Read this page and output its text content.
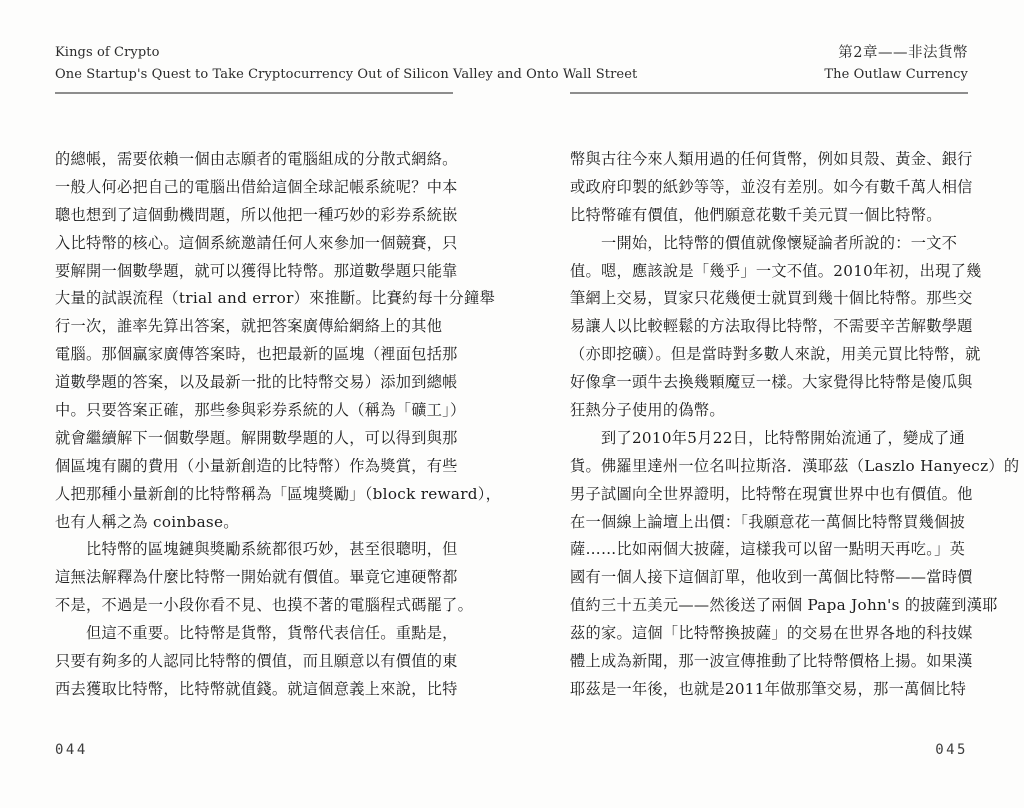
Kings of Crypto
One Startup's Quest to Take Cryptocurrency Out of Silicon Valley and Onto Wall Street
的總帳，需要依賴一個由志願者的電腦組成的分散式網絡。
一般人何必把自己的電腦出借給這個全球記帳系統呢？中本
聰也想到了這個動機問題，所以他把一種巧妙的彩券系統嵌
入比特幣的核心。這個系統邀請任何人來參加一個競賽，只
要解開一個數學題，就可以獲得比特幣。那道數學題只能靠
大量的試誤流程（trial and error）來推斷。比賽約每十分鐘舉
行一次，誰率先算出答案，就把答案廣傳給網絡上的其他
電腦。那個贏家廣傳答案時，也把最新的區塊（裡面包括那
道數學題的答案，以及最新一批的比特幣交易）添加到總帳
中。只要答案正確，那些參與彩券系統的人（稱為「礦工」）
就會繼續解下一個數學題。解開數學題的人，可以得到與那
個區塊有關的費用（小量新創造的比特幣）作為獎賞，有些
人把那種小量新創的比特幣稱為「區塊獎勵」（block reward），
也有人稱之為 coinbase。
　　比特幣的區塊鏈與獎勵系統都很巧妙，甚至很聰明，但
這無法解釋為什麼比特幣一開始就有價值。畢竟它連硬幣都
不是，不過是一小段你看不見、也摸不著的電腦程式碼罷了。
　　但這不重要。比特幣是貨幣，貨幣代表信任。重點是，
只要有夠多的人認同比特幣的價值，而且願意以有價值的東
西去獲取比特幣，比特幣就值錢。就這個意義上來說，比特
044
第2章——非法貨幣
The Outlaw Currency
幣與古往今來人類用過的任何貨幣，例如貝殼、黃金、銀行
或政府印製的紙鈔等等，並沒有差別。如今有數千萬人相信
比特幣確有價值，他們願意花數千美元買一個比特幣。
　　一開始，比特幣的價值就像懷疑論者所說的：一文不
值。嗯，應該說是「幾乎」一文不值。2010年初，出現了幾
筆網上交易，買家只花幾便士就買到幾十個比特幣。那些交
易讓人以比較輕鬆的方法取得比特幣，不需要辛苦解數學題
（亦即挖礦）。但是當時對多數人來說，用美元買比特幣，就
好像拿一頭牛去換幾顆魔豆一樣。大家覺得比特幣是傻瓜與
狂熱分子使用的偽幣。
　　到了2010年5月22日，比特幣開始流通了，變成了通
貨。佛羅里達州一位名叫拉斯洛．漢耶茲（Laszlo Hanyecz）的
男子試圖向全世界證明，比特幣在現實世界中也有價值。他
在一個線上論壇上出價：「我願意花一萬個比特幣買幾個披
薩……比如兩個大披薩，這樣我可以留一點明天再吃。」英
國有一個人接下這個訂單，他收到一萬個比特幣——當時價
值約三十五美元——然後送了兩個 Papa John's 的披薩到漢耶
茲的家。這個「比特幣換披薩」的交易在世界各地的科技媒
體上成為新聞，那一波宣傳推動了比特幣價格上揚。如果漢
耶茲是一年後，也就是2011年做那筆交易，那一萬個比特
045
